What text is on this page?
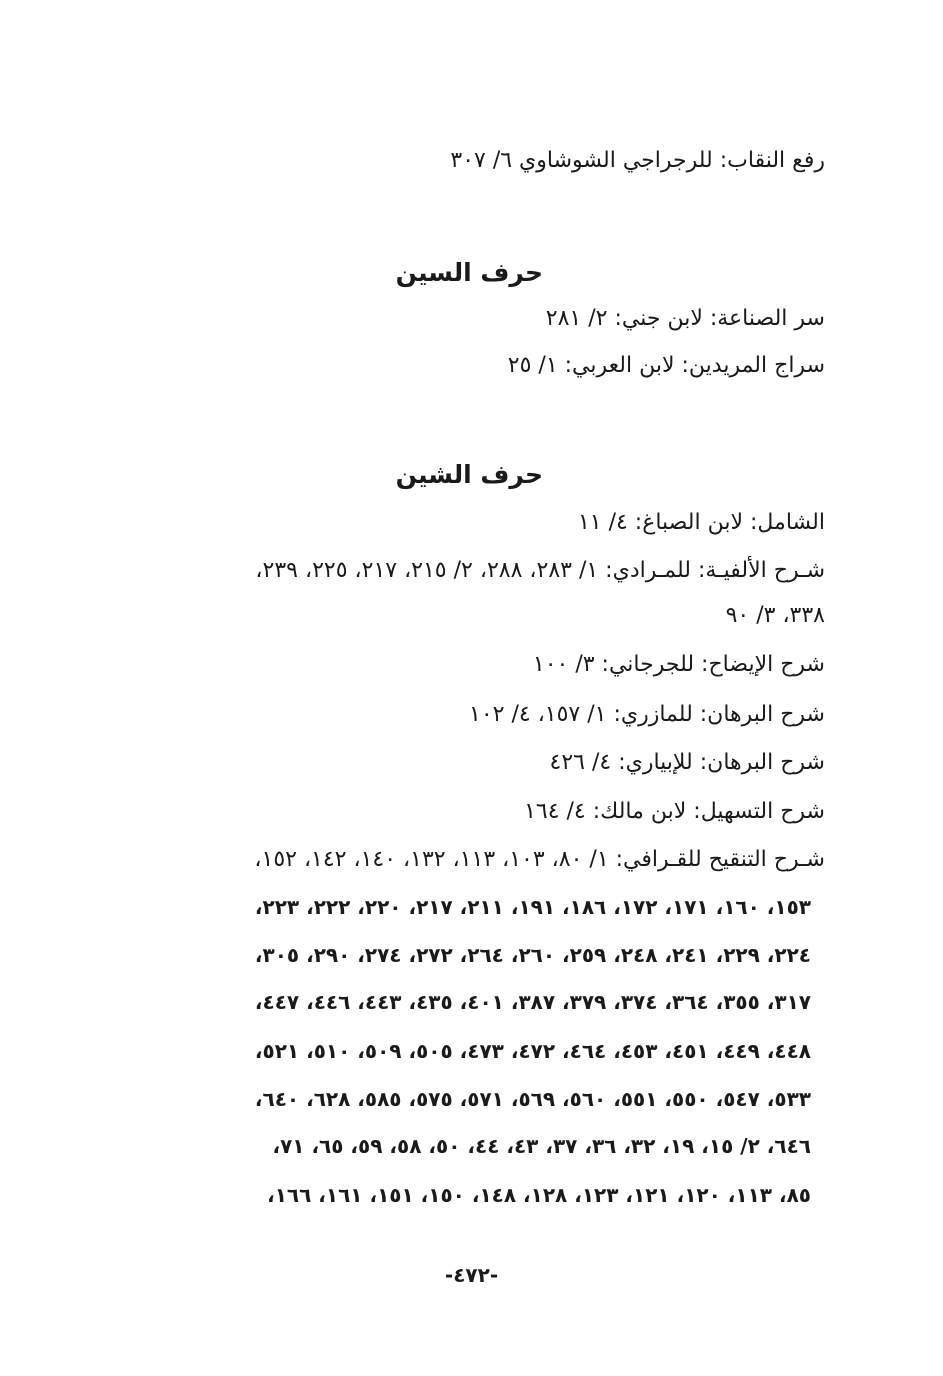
رفع النقاب: للرجراجي الشوشاوي ٦/ ٣٠٧
حرف السين
سر الصناعة: لابن جني: ٢/ ٢٨١
سراج المريدين: لابن العربي: ١/ ٢٥
حرف الشين
الشامل: لابن الصباغ: ٤/ ١١
شـرح الألفيـة: للمـرادي: ١/ ٢٨٣، ٢٨٨، ٢/ ٢١٥، ٢١٧، ٢٢٥، ٢٣٩،
٣٣٨، ٣/ ٩٠
شرح الإيضاح: للجرجاني: ٣/ ١٠٠
شرح البرهان: للمازري: ١/ ١٥٧، ٤/ ١٠٢
شرح البرهان: للإبياري: ٤/ ٤٢٦
شرح التسهيل: لابن مالك: ٤/ ١٦٤
شـرح التنقيح للقـرافي: ١/ ٨٠، ١٠٣، ١١٣، ١٣٢، ١٤٠، ١٤٢، ١٥٢،
١٥٣، ١٦٠، ١٧١، ١٧٢، ١٨٦، ١٩١، ٢١١، ٢١٧، ٢٢٠، ٢٢٢، ٢٢٣،
٢٢٤، ٢٢٩، ٢٤١، ٢٤٨، ٢٥٩، ٢٦٠، ٢٦٤، ٢٧٢، ٢٧٤، ٢٩٠، ٣٠٥،
٣١٧، ٣٥٥، ٣٦٤، ٣٧٤، ٣٧٩، ٣٨٧، ٤٠١، ٤٣٥، ٤٤٣، ٤٤٦، ٤٤٧،
٤٤٨، ٤٤٩، ٤٥١، ٤٥٣، ٤٦٤، ٤٧٢، ٤٧٣، ٥٠٥، ٥٠٩، ٥١٠، ٥٢١،
٥٣٣، ٥٤٧، ٥٥٠، ٥٥١، ٥٦٠، ٥٦٩، ٥٧١، ٥٧٥، ٥٨٥، ٦٢٨، ٦٤٠،
٦٤٦، ٢/ ١٥، ١٩، ٣٢، ٣٦، ٣٧، ٤٣، ٤٤، ٥٠، ٥٨، ٥٩، ٦٥، ٧١،
٨٥، ١١٣، ١٢٠، ١٢١، ١٢٣، ١٢٨، ١٤٨، ١٥٠، ١٥١، ١٦١، ١٦٦،
-٤٧٢-
